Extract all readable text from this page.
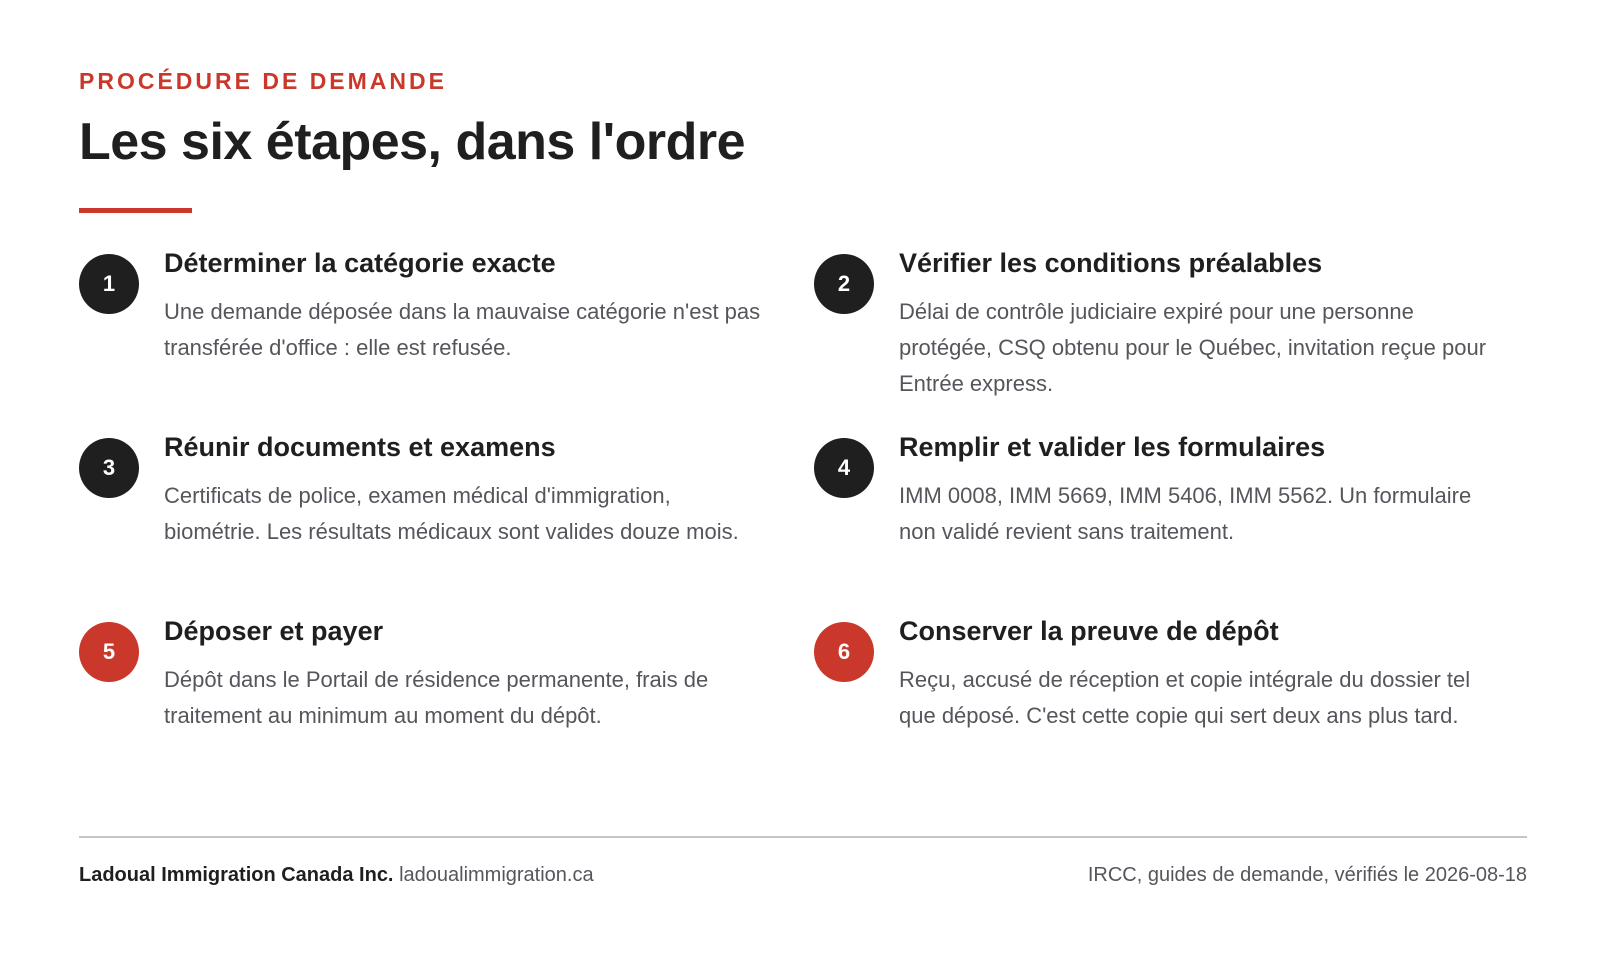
PROCÉDURE DE DEMANDE
Les six étapes, dans l'ordre
1
Déterminer la catégorie exacte

Une demande déposée dans la mauvaise catégorie n'est pas transférée d'office : elle est refusée.

2
Vérifier les conditions préalables

Délai de contrôle judiciaire expiré pour une personne protégée, CSQ obtenu pour le Québec, invitation reçue pour Entrée express.

3
Réunir documents et examens

Certificats de police, examen médical d'immigration, biométrie. Les résultats médicaux sont valides douze mois.

4
Remplir et valider les formulaires

IMM 0008, IMM 5669, IMM 5406, IMM 5562. Un formulaire non validé revient sans traitement.

5
Déposer et payer

Dépôt dans le Portail de résidence permanente, frais de traitement au minimum au moment du dépôt.

6
Conserver la preuve de dépôt

Reçu, accusé de réception et copie intégrale du dossier tel que déposé. C'est cette copie qui sert deux ans plus tard.

Ladoual Immigration Canada Inc. ladoualimmigration.ca	IRCC, guides de demande, vérifiés le 2026-08-18
